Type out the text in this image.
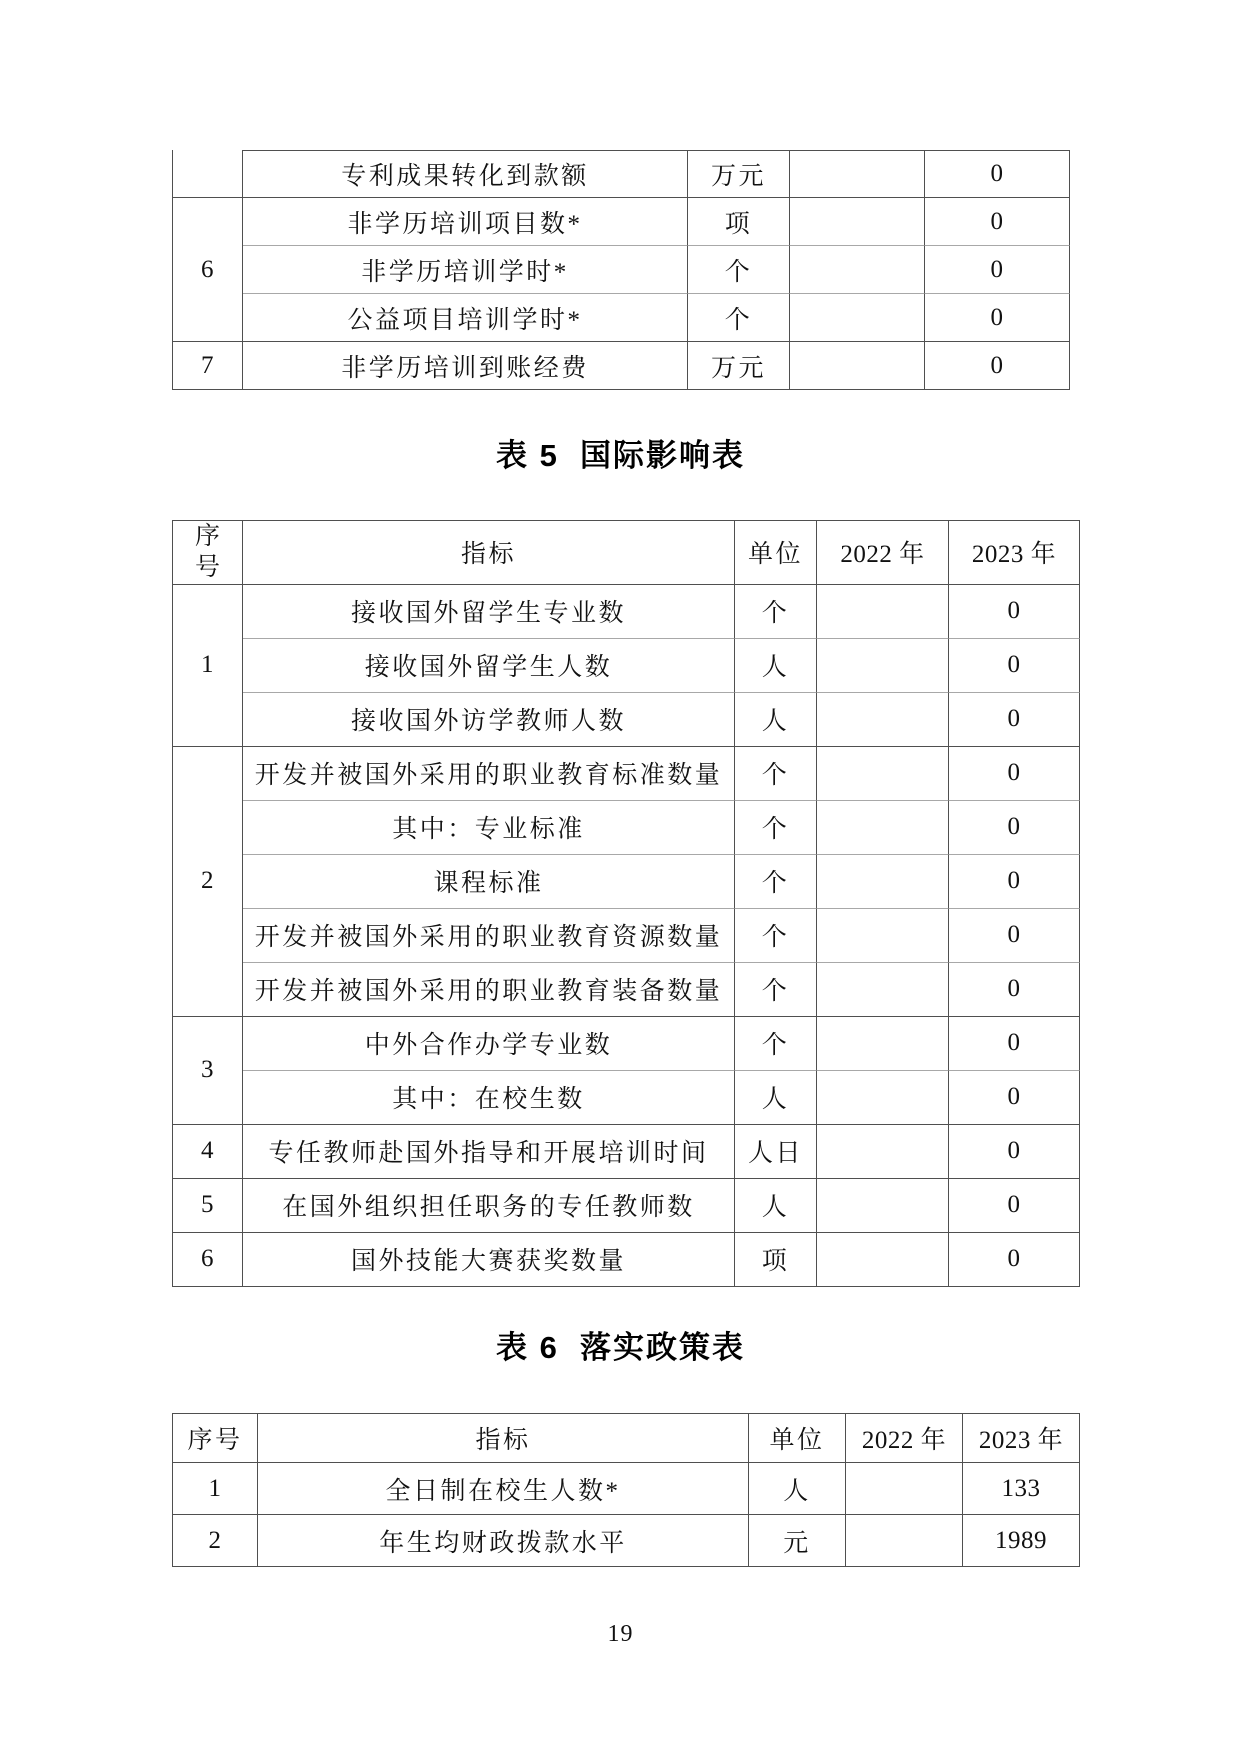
	专利成果转化到款额	万元		0
6	非学历培训项目数*	项		0
	非学历培训学时*	个		0
	公益项目培训学时*	个		0
7	非学历培训到账经费	万元		0
表 5  国际影响表
序号	指标	单位	2022 年	2023 年
1	接收国外留学生专业数	个		0
	接收国外留学生人数	人		0
	接收国外访学教师人数	人		0
2	开发并被国外采用的职业教育标准数量	个		0
	其中：专业标准	个		0
	课程标准	个		0
	开发并被国外采用的职业教育资源数量	个		0
	开发并被国外采用的职业教育装备数量	个		0
3	中外合作办学专业数	个		0
	其中：在校生数	人		0
4	专任教师赴国外指导和开展培训时间	人日		0
5	在国外组织担任职务的专任教师数	人		0
6	国外技能大赛获奖数量	项		0
表 6  落实政策表
序号	指标	单位	2022 年	2023 年
1	全日制在校生人数*	人		133
2	年生均财政拨款水平	元		1989
19
